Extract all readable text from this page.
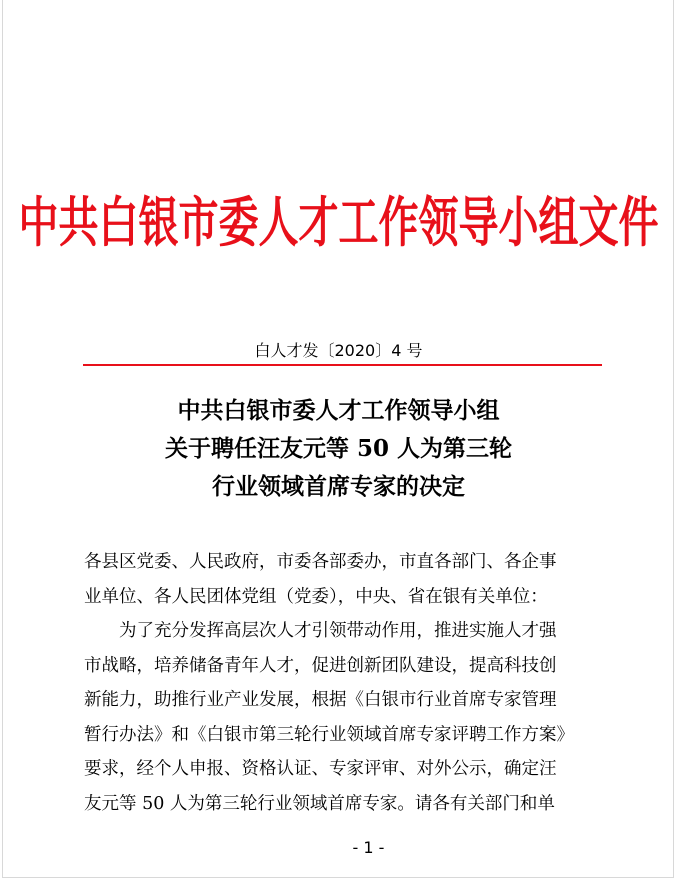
中共白银市委人才工作领导小组文件
白人才发〔2020〕4 号
中共白银市委人才工作领导小组
关于聘任汪友元等 50 人为第三轮
行业领域首席专家的决定
各县区党委、人民政府，市委各部委办，市直各部门、各企事
业单位、各人民团体党组（党委），中央、省在银有关单位：
　　为了充分发挥高层次人才引领带动作用，推进实施人才强
市战略，培养储备青年人才，促进创新团队建设，提高科技创
新能力，助推行业产业发展，根据《白银市行业首席专家管理
暂行办法》和《白银市第三轮行业领域首席专家评聘工作方案》
要求，经个人申报、资格认证、专家评审、对外公示，确定汪
友元等 50 人为第三轮行业领域首席专家。请各有关部门和单
- 1 -
